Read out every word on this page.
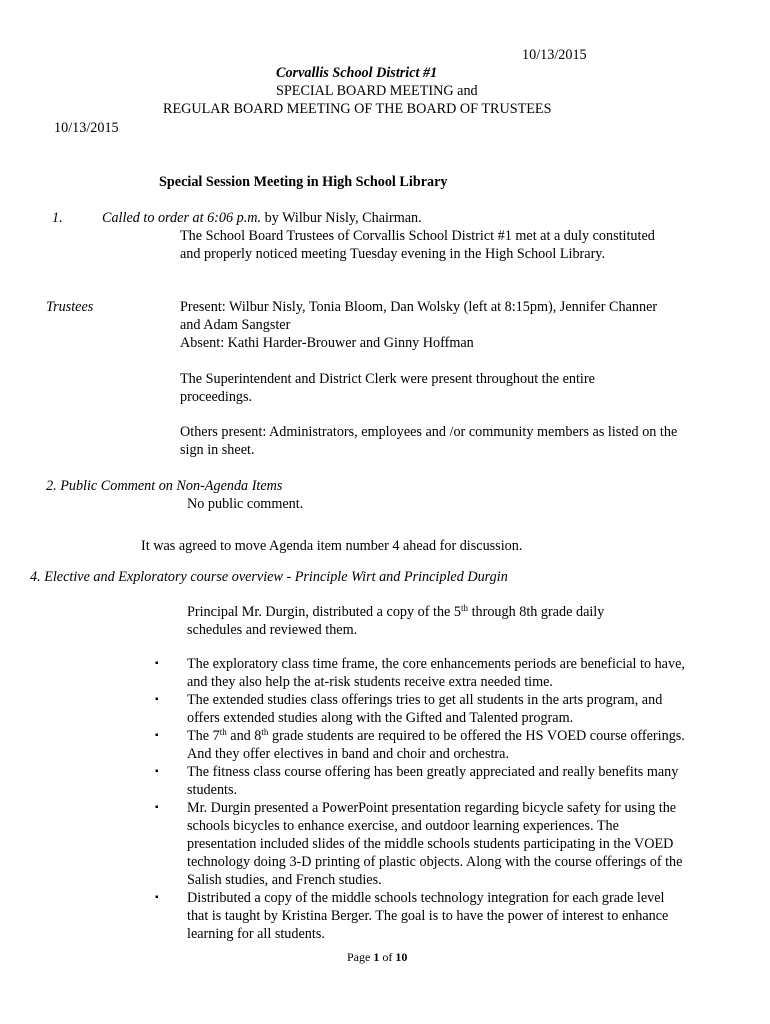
10/13/2015
Corvallis School District #1
SPECIAL BOARD MEETING and
REGULAR BOARD MEETING OF THE BOARD OF TRUSTEES
10/13/2015
Special Session Meeting in High School Library
1.	Called to order at 6:06 p.m. by Wilbur Nisly, Chairman.
The School Board Trustees of Corvallis School District #1 met at a duly constituted and properly noticed meeting Tuesday evening in the High School Library.
Trustees	Present: Wilbur Nisly, Tonia Bloom, Dan Wolsky (left at 8:15pm), Jennifer Channer and Adam Sangster
Absent: Kathi Harder-Brouwer and Ginny Hoffman
The Superintendent and District Clerk were present throughout the entire proceedings.
Others present: Administrators, employees and /or community members as listed on the sign in sheet.
2. Public Comment on Non-Agenda Items
No public comment.
It was agreed to move Agenda item number 4 ahead for discussion.
4. Elective and Exploratory course overview - Principle Wirt and Principled Durgin
Principal Mr. Durgin, distributed a copy of the 5th through 8th grade daily schedules and reviewed them.
▪ The exploratory class time frame, the core enhancements periods are beneficial to have, and they also help the at-risk students receive extra needed time.
▪ The extended studies class offerings tries to get all students in the arts program, and offers extended studies along with the Gifted and Talented program.
▪ The 7th and 8th grade students are required to be offered the HS VOED course offerings. And they offer electives in band and choir and orchestra.
▪ The fitness class course offering has been greatly appreciated and really benefits many students.
▪ Mr. Durgin presented a PowerPoint presentation regarding bicycle safety for using the schools bicycles to enhance exercise, and outdoor learning experiences. The presentation included slides of the middle schools students participating in the VOED technology doing 3-D printing of plastic objects. Along with the course offerings of the Salish studies, and French studies.
▪ Distributed a copy of the middle schools technology integration for each grade level that is taught by Kristina Berger. The goal is to have the power of interest to enhance learning for all students.
Page 1 of 10
